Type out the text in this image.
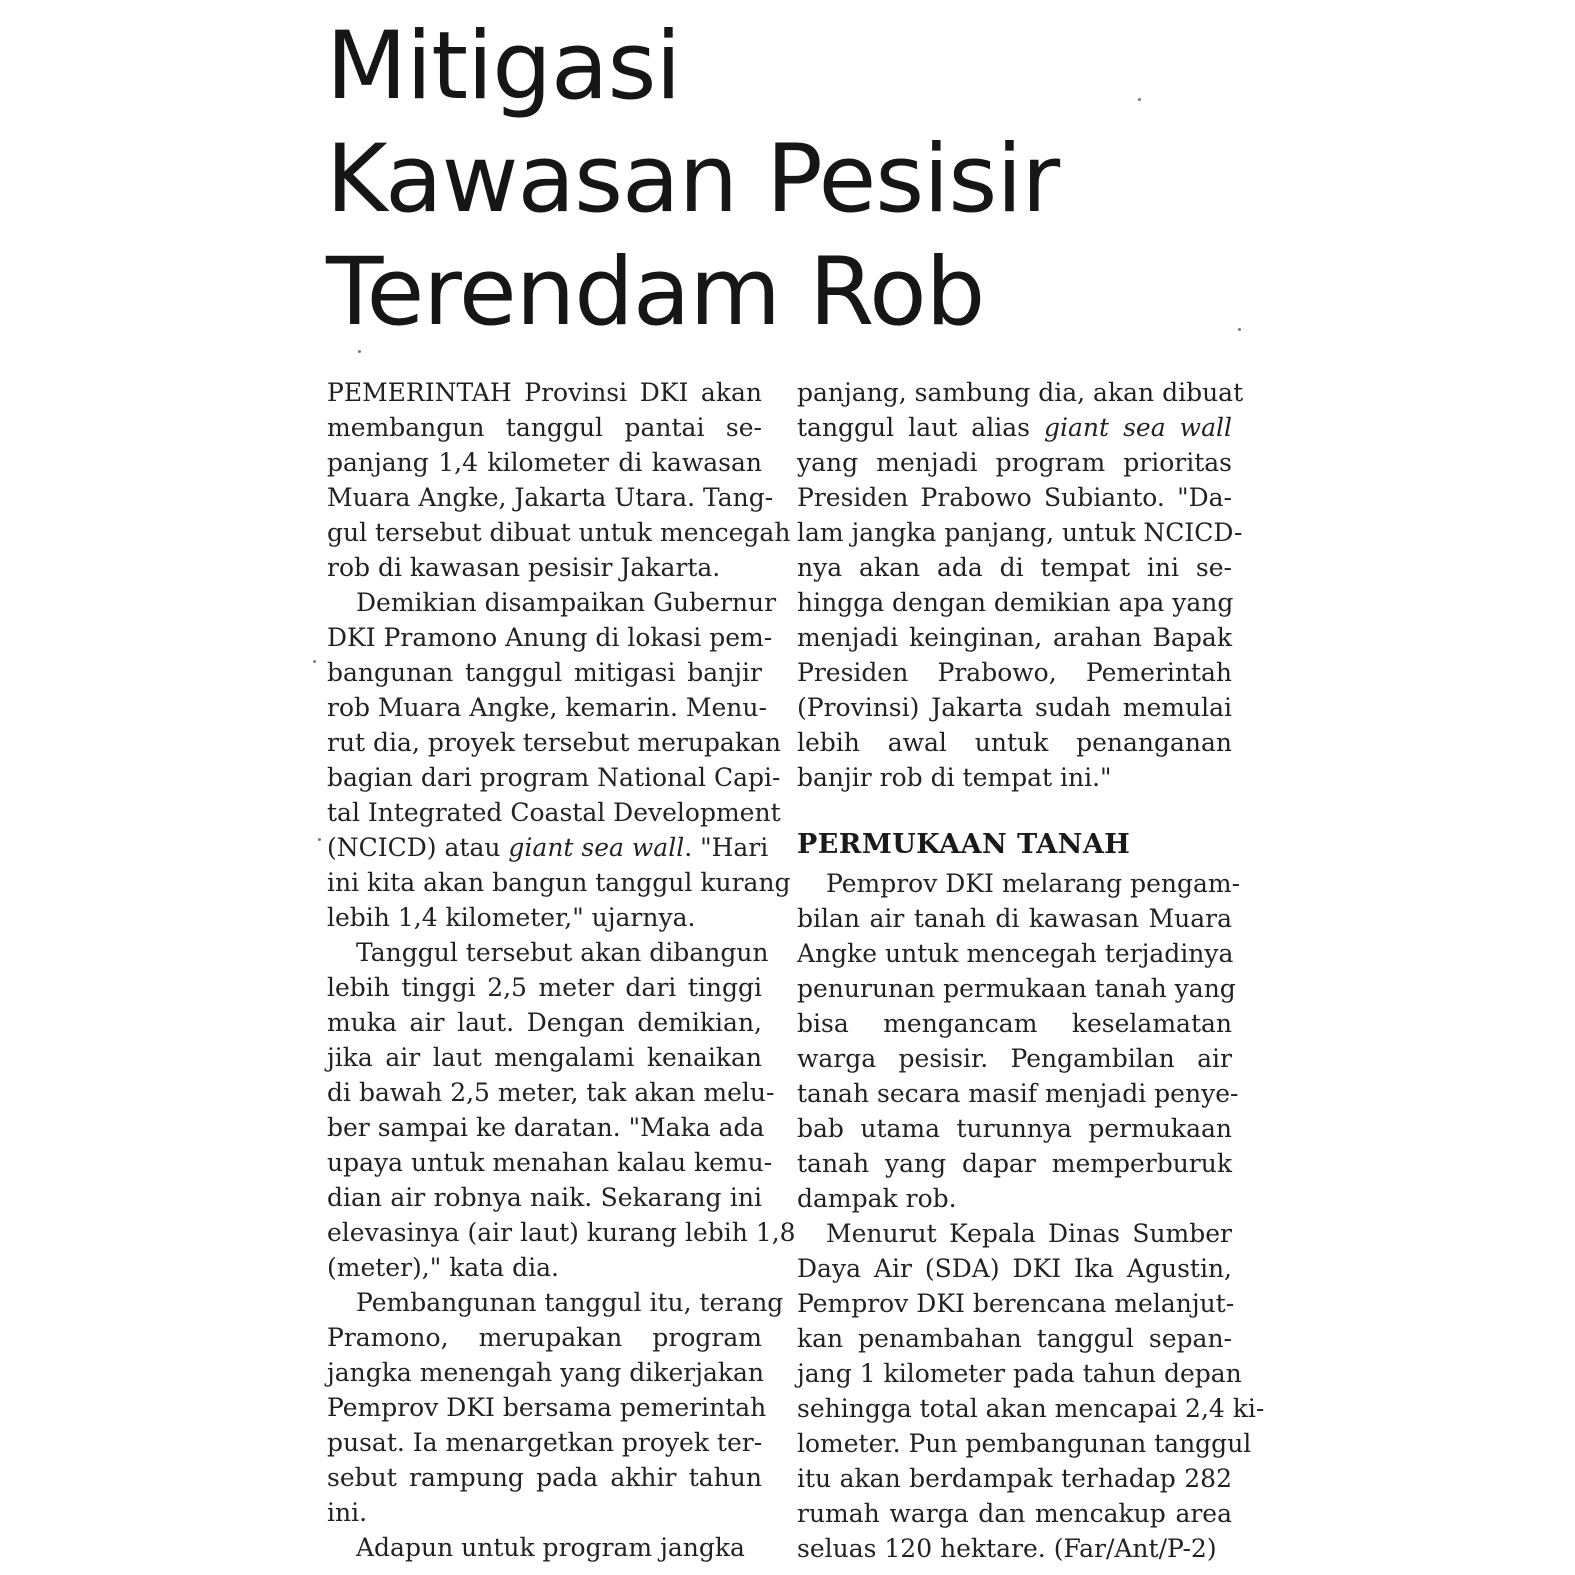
Mitigasi
Kawasan Pesisir
Terendam Rob
PEMERINTAH Provinsi DKI akan
membangun tanggul pantai se-
panjang 1,4 kilometer di kawasan
Muara Angke, Jakarta Utara. Tang-
gul tersebut dibuat untuk mencegah
rob di kawasan pesisir Jakarta.
Demikian disampaikan Gubernur
DKI Pramono Anung di lokasi pem-
bangunan tanggul mitigasi banjir
rob Muara Angke, kemarin. Menu-
rut dia, proyek tersebut merupakan
bagian dari program National Capi-
tal Integrated Coastal Development
(NCICD) atau giant sea wall. "Hari
ini kita akan bangun tanggul kurang
lebih 1,4 kilometer," ujarnya.
Tanggul tersebut akan dibangun
lebih tinggi 2,5 meter dari tinggi
muka air laut. Dengan demikian,
jika air laut mengalami kenaikan
di bawah 2,5 meter, tak akan melu-
ber sampai ke daratan. "Maka ada
upaya untuk menahan kalau kemu-
dian air robnya naik. Sekarang ini
elevasinya (air laut) kurang lebih 1,8
(meter)," kata dia.
Pembangunan tanggul itu, terang
Pramono, merupakan program
jangka menengah yang dikerjakan
Pemprov DKI bersama pemerintah
pusat. Ia menargetkan proyek ter-
sebut rampung pada akhir tahun
ini.
Adapun untuk program jangka
panjang, sambung dia, akan dibuat
tanggul laut alias giant sea wall
yang menjadi program prioritas
Presiden Prabowo Subianto. "Da-
lam jangka panjang, untuk NCICD-
nya akan ada di tempat ini se-
hingga dengan demikian apa yang
menjadi keinginan, arahan Bapak
Presiden Prabowo, Pemerintah
(Provinsi) Jakarta sudah memulai
lebih awal untuk penanganan
banjir rob di tempat ini."
PERMUKAAN TANAH
Pemprov DKI melarang pengam-
bilan air tanah di kawasan Muara
Angke untuk mencegah terjadinya
penurunan permukaan tanah yang
bisa mengancam keselamatan
warga pesisir. Pengambilan air
tanah secara masif menjadi penye-
bab utama turunnya permukaan
tanah yang dapar memperburuk
dampak rob.
Menurut Kepala Dinas Sumber
Daya Air (SDA) DKI Ika Agustin,
Pemprov DKI berencana melanjut-
kan penambahan tanggul sepan-
jang 1 kilometer pada tahun depan
sehingga total akan mencapai 2,4 ki-
lometer. Pun pembangunan tanggul
itu akan berdampak terhadap 282
rumah warga dan mencakup area
seluas 120 hektare. (Far/Ant/P-2)
